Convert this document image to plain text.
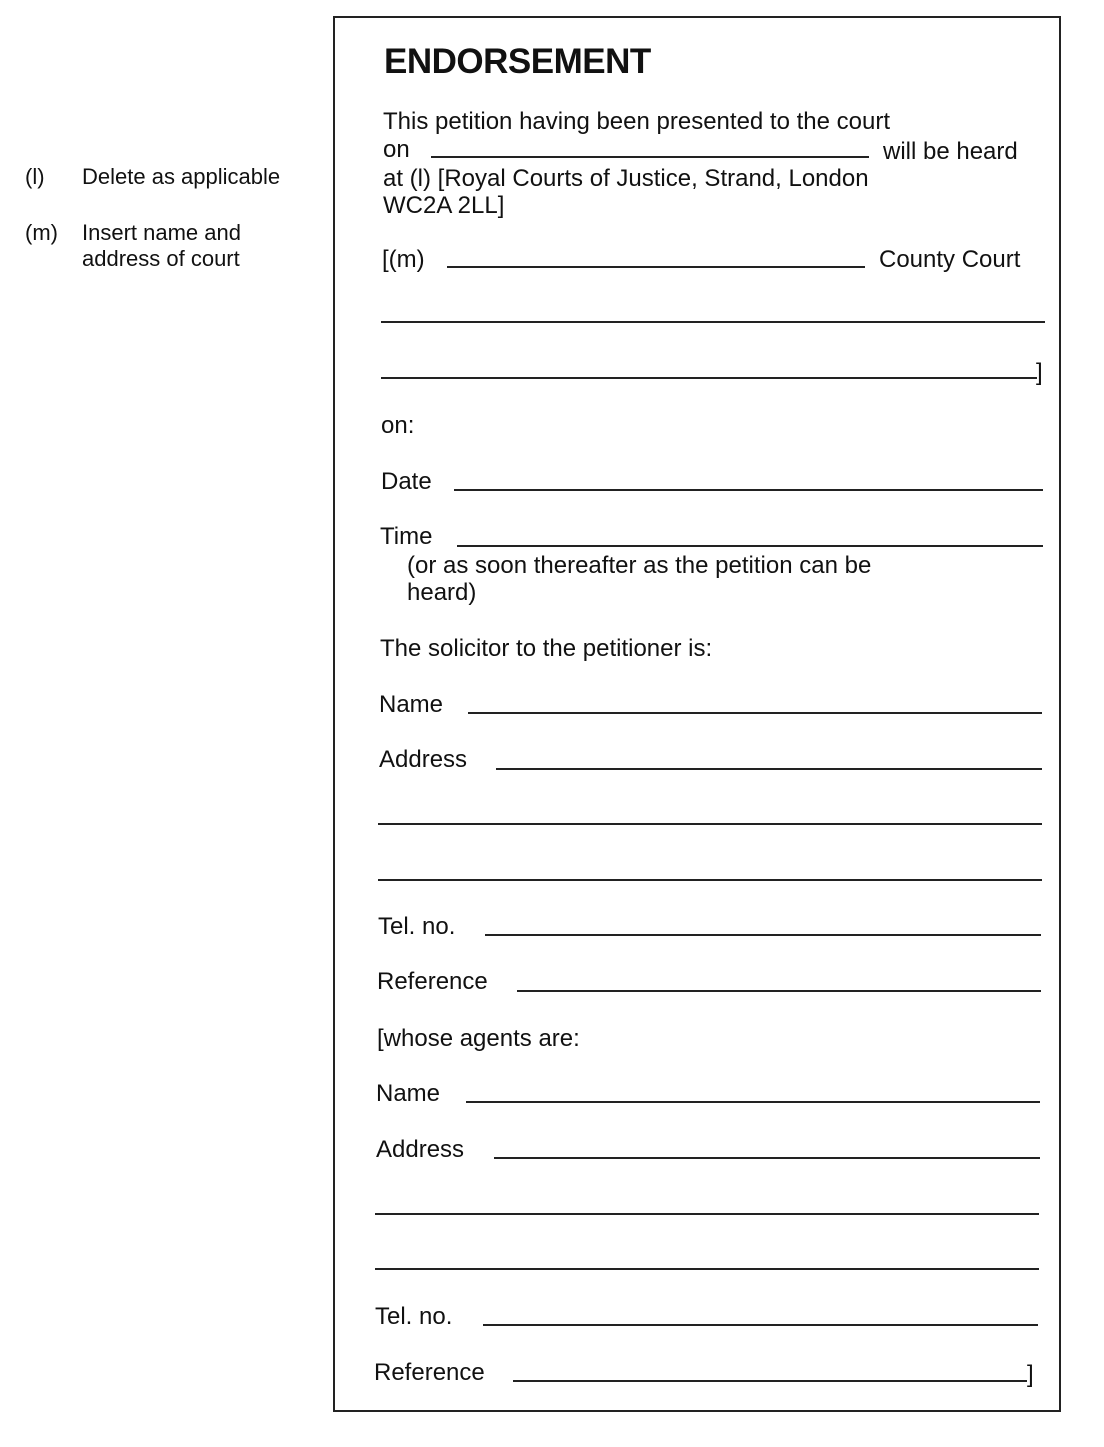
(l) Delete as applicable
(m) Insert name and
address of court
ENDORSEMENT
This petition having been presented to the court
on	will be heard
at (l) [Royal Courts of Justice, Strand, London
WC2A 2LL]
[(m)	County Court
]
on:
Date
Time
(or as soon thereafter as the petition can be
heard)
The solicitor to the petitioner is:
Name
Address
Tel. no.
Reference
[whose agents are:
Name
Address
Tel. no.
Reference	]
